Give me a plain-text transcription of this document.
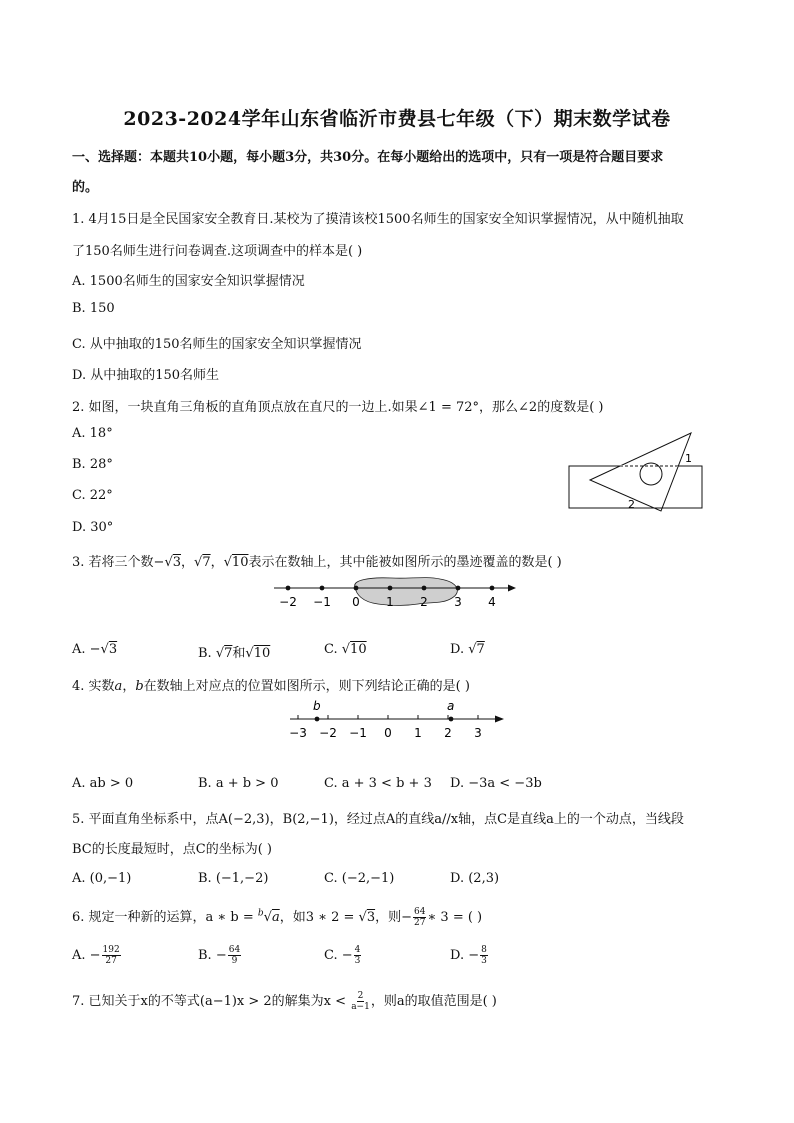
2023-2024学年山东省临沂市费县七年级（下）期末数学试卷
一、选择题：本题共10小题，每小题3分，共30分。在每小题给出的选项中，只有一项是符合题目要求
的。
1. 4月15日是全民国家安全教育日.某校为了摸清该校1500名师生的国家安全知识掌握情况，从中随机抽取
了150名师生进行问卷调查.这项调查中的样本是( )
A. 1500名师生的国家安全知识掌握情况
B. 150
C. 从中抽取的150名师生的国家安全知识掌握情况
D. 从中抽取的150名师生
2. 如图，一块直角三角板的直角顶点放在直尺的一边上.如果∠1 = 72°，那么∠2的度数是( )
A. 18°
B. 28°
C. 22°
D. 30°
1
2
3. 若将三个数−√3，√7，√10表示在数轴上，其中能被如图所示的墨迹覆盖的数是( )
−2 −1 0 1 2 3 4
A. −√3	B. √7和√10	C. √10	D. √7
4. 实数a，b在数轴上对应点的位置如图所示，则下列结论正确的是( )
−3 −2 −1 0 1 2 3
b	a
A. ab > 0	B. a + b > 0	C. a + 3 < b + 3	D. −3a < −3b
5. 平面直角坐标系中，点A(−2,3)，B(2,−1)，经过点A的直线a//x轴，点C是直线a上的一个动点，当线段
BC的长度最短时，点C的坐标为( )
A. (0,−1)	B. (−1,−2)	C. (−2,−1)	D. (2,3)
6. 规定一种新的运算，a ∗ b = $^b$√a，如3 ∗ 2 = √3，则− $\frac{64}{27}$ ∗ 3 = ( )
A. − $\frac{192}{27}$	B. − $\frac{64}{9}$	C. − $\frac{4}{3}$	D. − $\frac{8}{3}$
7. 已知关于x的不等式(a−1)x > 2的解集为$x < \frac{2}{a-1}$ ，则a的取值范围是( )
